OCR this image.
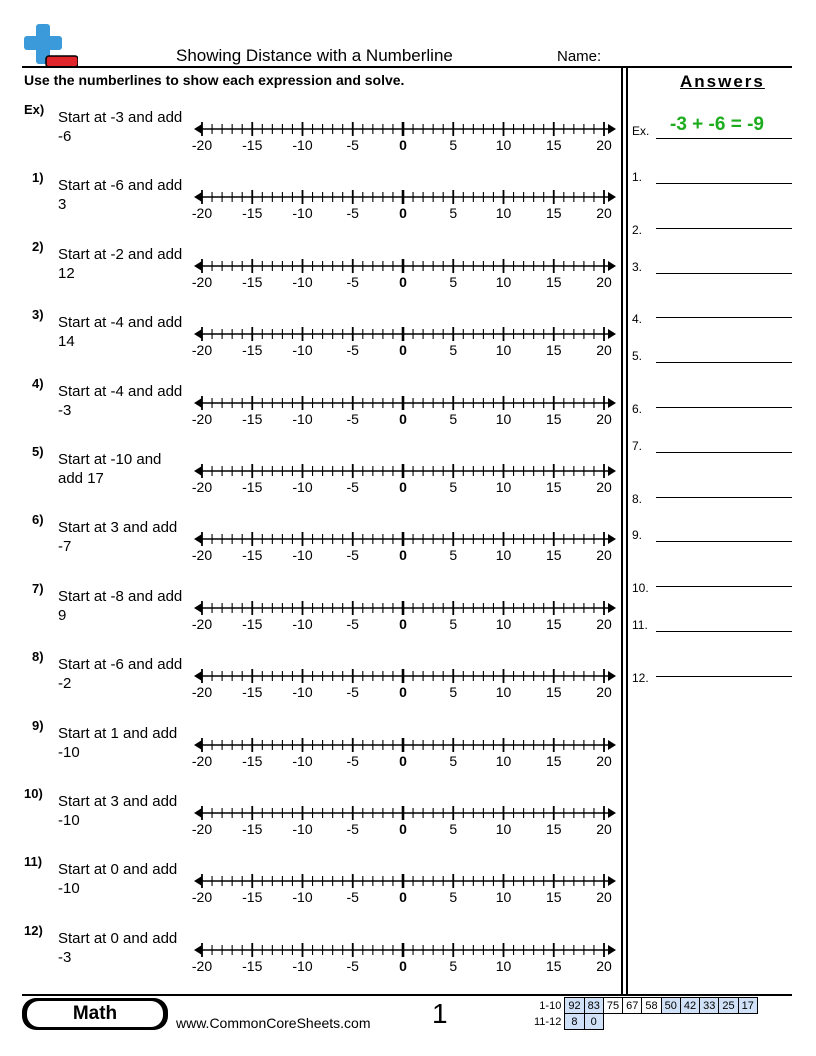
Showing Distance with a Numberline	Name:
Use the numberlines to show each expression and solve.	Answers
Ex) Start at -3 and add -6	-20 -15 -10 -5	0	5	10 15 20
1) Start at -6 and add 3	-20 -15 -10 -5	0	5	10 15 20
2) Start at -2 and add 12	-20 -15 -10 -5	0	5	10 15 20
3) Start at -4 and add 14	-20 -15 -10 -5	0	5	10 15 20
4) Start at -4 and add -3	-20 -15 -10 -5	0	5	10 15 20
5) Start at -10 and add 17	-20 -15 -10 -5	0	5	10 15 20
6) Start at 3 and add -7	-20 -15 -10 -5	0	5	10 15 20
7) Start at -8 and add 9	-20 -15 -10 -5	0	5	10 15 20
8) Start at -6 and add -2	-20 -15 -10 -5	0	5	10 15 20
9) Start at 1 and add -10	-20 -15 -10 -5	0	5	10 15 20
10) Start at 3 and add -10	-20 -15 -10 -5	0	5	10 15 20
11) Start at 0 and add -10	-20 -15 -10 -5	0	5	10 15 20
12) Start at 0 and add -3	-20 -15 -10 -5	0	5	10 15 20
Ex. -3 + -6 = -9
1.
2.
3.
4.
5.
6.
7.
8.
9.
10.
11.
12.
Math	www.CommonCoreSheets.com 1	1-10	92	83	75	67	58	50	42	33	25	17
11-12	8	0								
